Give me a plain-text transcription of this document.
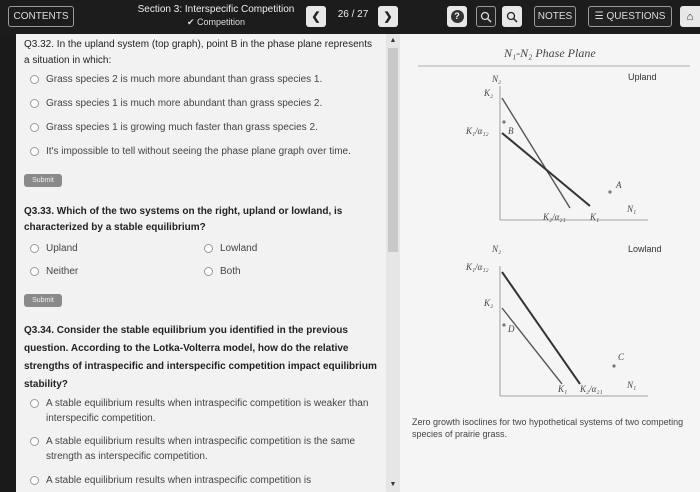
CONTENTS
Section 3: Interspecific Competition
✔ Competition	❮	26 / 27	❯	?	NOTES	☰ QUESTIONS ⌂
Q3.32. In the upland system (top graph), point B in the phase plane represents a situation in which:
Grass species 2 is much more abundant than grass species 1.
Grass species 1 is much more abundant than grass species 2.
Grass species 1 is growing much faster than grass species 2.
It's impossible to tell without seeing the phase plane graph over time.
Submit
Q3.33. Which of the two systems on the right, upland or lowland, is characterized by a stable equilibrium?
Upland	Lowland
Neither	Both
Submit
Q3.34. Consider the stable equilibrium you identified in the previous question. According to the Lotka-Volterra model, how do the relative strengths of intraspecific and interspecific competition impact equilibrium stability?
A stable equilibrium results when intraspecific competition is weaker than interspecific competition.
A stable equilibrium results when intraspecific competition is the same strength as interspecific competition.
A stable equilibrium results when intraspecific competition is
▲
▼
N₁-N₂ Phase Plane
Upland
N₂
K₂
K₁/α₁₂ B
A
N₁
K₂/α₂₁	K₁
Lowland
N₂
K₁/α₁₂
K₂
D
C
N₁
K₁ K₂/α₂₁
Zero growth isoclines for two hypothetical systems of two competing species of prairie grass.
